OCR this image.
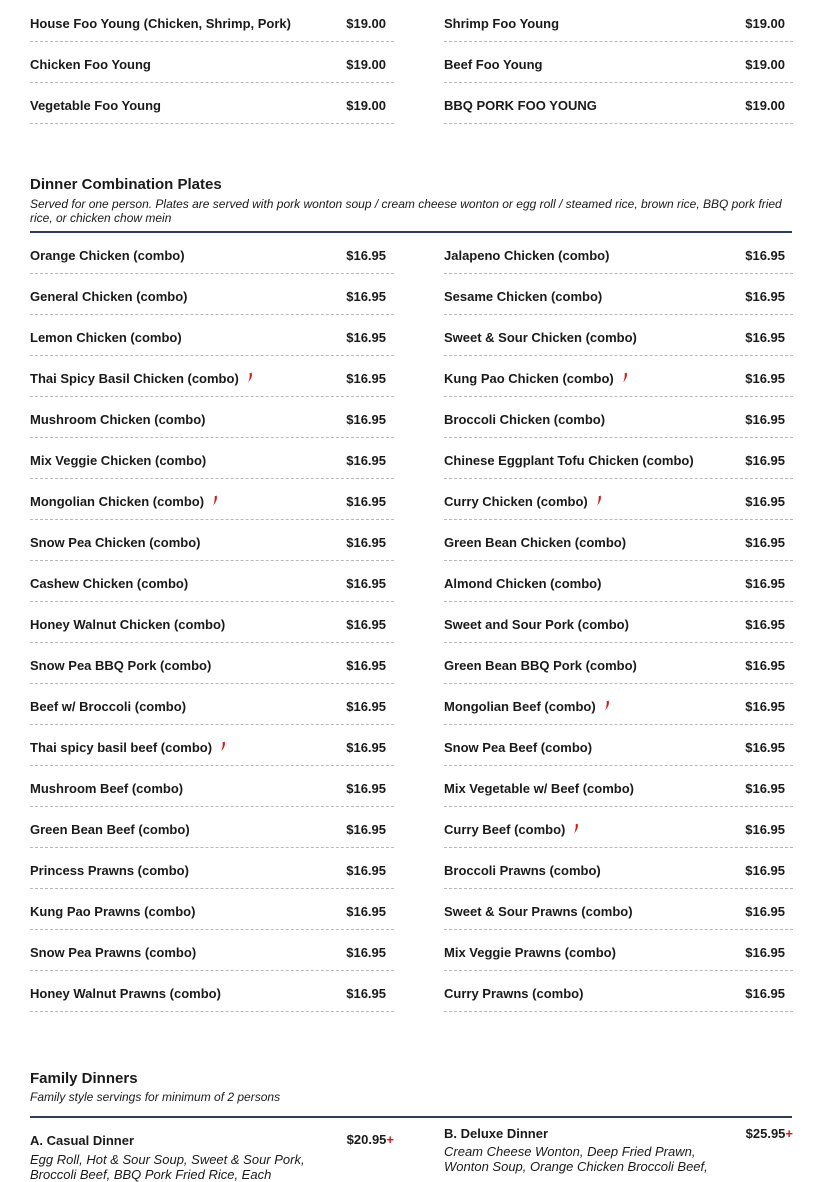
House Foo Young (Chicken, Shrimp, Pork)	$19.00
Chicken Foo Young	$19.00
Vegetable Foo Young	$19.00
Shrimp Foo Young	$19.00
Beef Foo Young	$19.00
BBQ PORK FOO YOUNG	$19.00
Dinner Combination Plates
Served for one person. Plates are served with pork wonton soup / cream cheese wonton or egg roll / steamed rice, brown rice, BBQ pork fried rice, or chicken chow mein
Orange Chicken (combo)	$16.95
General Chicken (combo)	$16.95
Lemon Chicken (combo)	$16.95
Thai Spicy Basil Chicken (combo)	$16.95
Mushroom Chicken (combo)	$16.95
Mix Veggie Chicken (combo)	$16.95
Mongolian Chicken (combo)	$16.95
Snow Pea Chicken (combo)	$16.95
Cashew Chicken (combo)	$16.95
Honey Walnut Chicken (combo)	$16.95
Snow Pea BBQ Pork (combo)	$16.95
Beef w/ Broccoli (combo)	$16.95
Thai spicy basil beef (combo)	$16.95
Mushroom Beef (combo)	$16.95
Green Bean Beef (combo)	$16.95
Princess Prawns (combo)	$16.95
Kung Pao Prawns (combo)	$16.95
Snow Pea Prawns (combo)	$16.95
Honey Walnut Prawns (combo)	$16.95
Jalapeno Chicken (combo)	$16.95
Sesame Chicken (combo)	$16.95
Sweet & Sour Chicken (combo)	$16.95
Kung Pao Chicken (combo)	$16.95
Broccoli Chicken (combo)	$16.95
Chinese Eggplant Tofu Chicken (combo)	$16.95
Curry Chicken (combo)	$16.95
Green Bean Chicken (combo)	$16.95
Almond Chicken (combo)	$16.95
Sweet and Sour Pork (combo)	$16.95
Green Bean BBQ Pork (combo)	$16.95
Mongolian Beef (combo)	$16.95
Snow Pea Beef (combo)	$16.95
Mix Vegetable w/ Beef (combo)	$16.95
Curry Beef (combo)	$16.95
Broccoli Prawns (combo)	$16.95
Sweet & Sour Prawns (combo)	$16.95
Mix Veggie Prawns (combo)	$16.95
Curry Prawns (combo)	$16.95
Family Dinners
Family style servings for minimum of 2 persons
A. Casual Dinner	$20.95+
Egg Roll, Hot & Sour Soup, Sweet & Sour Pork, Broccoli Beef, BBQ Pork Fried Rice, Each
B. Deluxe Dinner	$25.95+
Cream Cheese Wonton, Deep Fried Prawn, Wonton Soup, Orange Chicken Broccoli Beef,
